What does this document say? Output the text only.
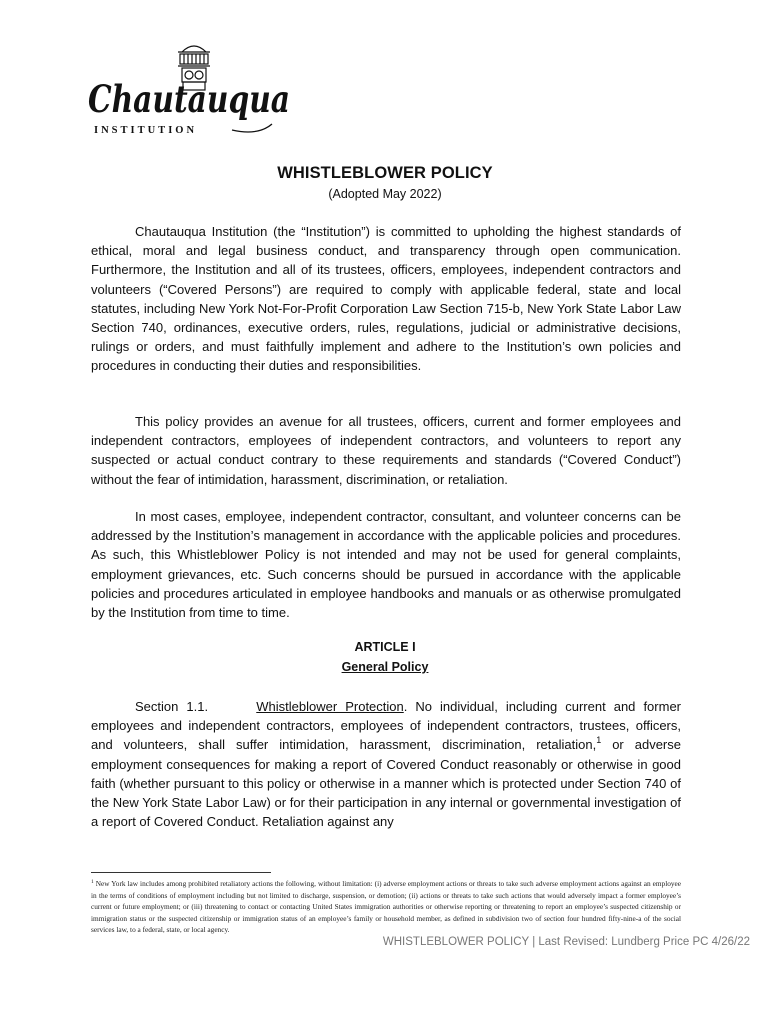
Chautauqua
INSTITUTION
WHISTLEBLOWER POLICY
(Adopted May 2022)

Chautauqua Institution (the “Institution”) is committed to upholding the highest standards of ethical, moral and legal business conduct, and transparency through open communication. Furthermore, the Institution and all of its trustees, officers, employees, independent contractors and volunteers (“Covered Persons”) are required to comply with applicable federal, state and local statutes, including New York Not-For-Profit Corporation Law Section 715-b, New York State Labor Law Section 740, ordinances, executive orders, rules, regulations, judicial or administrative decisions, rulings or orders, and must faithfully implement and adhere to the Institution’s own policies and procedures in conducting their duties and responsibilities.

This policy provides an avenue for all trustees, officers, current and former employees and independent contractors, employees of independent contractors, and volunteers to report any suspected or actual conduct contrary to these requirements and standards (“Covered Conduct”) without the fear of intimidation, harassment, discrimination, or retaliation.

In most cases, employee, independent contractor, consultant, and volunteer concerns can be addressed by the Institution’s management in accordance with the applicable policies and procedures. As such, this Whistleblower Policy is not intended and may not be used for general complaints, employment grievances, etc. Such concerns should be pursued in accordance with the applicable policies and procedures articulated in employee handbooks and manuals or as otherwise promulgated by the Institution from time to time.

ARTICLE I
General Policy

Section 1.1.	Whistleblower Protection. No individual, including current and former employees and independent contractors, employees of independent contractors, trustees, officers, and volunteers, shall suffer intimidation, harassment, discrimination, retaliation,$^1$ or adverse employment consequences for making a report of Covered Conduct reasonably or otherwise in good faith (whether pursuant to this policy or otherwise in a manner which is protected under Section 740 of the New York State Labor Law) or for their participation in any internal or governmental investigation of a report of Covered Conduct. Retaliation against any

$^1$ New York law includes among prohibited retaliatory actions the following, without limitation: (i) adverse employment actions or threats to take such adverse employment actions against an employee in the terms of conditions of employment including but not limited to discharge, suspension, or demotion; (ii) actions or threats to take such actions that would adversely impact a former employee’s current or future employment; or (iii) threatening to contact or contacting United States immigration authorities or otherwise reporting or threatening to report an employee’s suspected citizenship or immigration status or the suspected citizenship or immigration status of an employee’s family or household member, as defined in subdivision two of section four hundred fifty-nine-a of the social services law, to a federal, state, or local agency.

WHISTLEBLOWER POLICY | Last Revised: Lundberg Price PC 4/26/22
